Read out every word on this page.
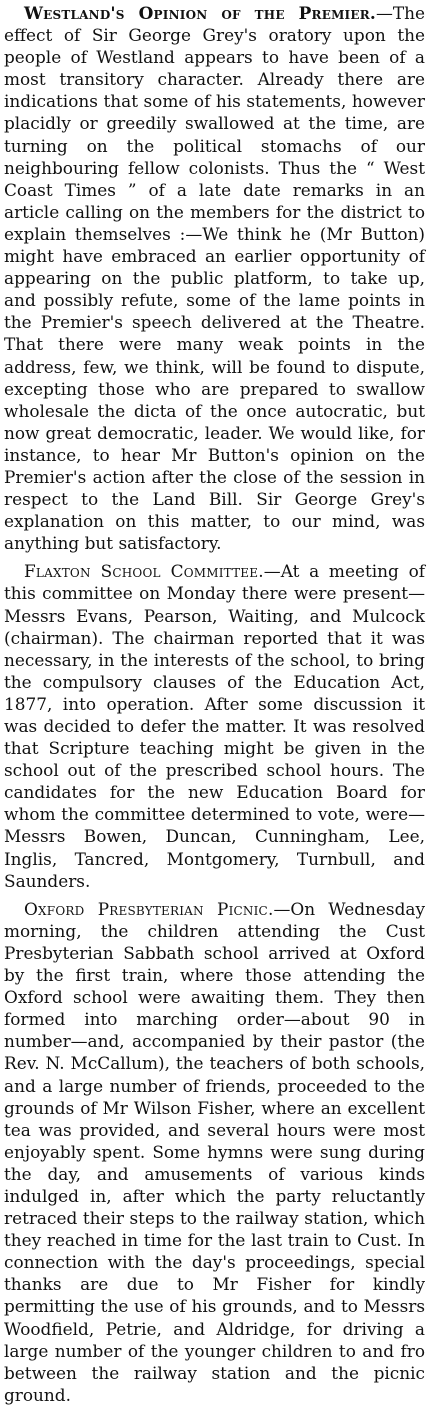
Westland's Opinion of the Premier.—The effect of Sir George Grey's oratory upon the people of Westland appears to have been of a most transitory character. Already there are indications that some of his statements, however placidly or greedily swallowed at the time, are turning on the political stomachs of our neighbouring fellow colonists. Thus the “ West Coast Times ” of a late date remarks in an article calling on the members for the district to explain themselves :—We think he (Mr Button) might have embraced an earlier opportunity of appearing on the public platform, to take up, and possibly refute, some of the lame points in the Premier's speech delivered at the Theatre. That there were many weak points in the address, few, we think, will be found to dispute, excepting those who are prepared to swallow wholesale the dicta of the once autocratic, but now great democratic, leader. We would like, for instance, to hear Mr Button's opinion on the Premier's action after the close of the session in respect to the Land Bill. Sir George Grey's explanation on this matter, to our mind, was anything but satisfactory.

Flaxton School Committee.—At a meeting of this committee on Monday there were present—Messrs Evans, Pearson, Waiting, and Mulcock (chairman). The chairman reported that it was necessary, in the interests of the school, to bring the compulsory clauses of the Education Act, 1877, into operation. After some discussion it was decided to defer the matter. It was resolved that Scripture teaching might be given in the school out of the prescribed school hours. The candidates for the new Education Board for whom the committee determined to vote, were—Messrs Bowen, Duncan, Cunningham, Lee, Inglis, Tancred, Montgomery, Turnbull, and Saunders.

Oxford Presbyterian Picnic.—On Wednesday morning, the children attending the Cust Presbyterian Sabbath school arrived at Oxford by the first train, where those attending the Oxford school were awaiting them. They then formed into marching order—about 90 in number—and, accompanied by their pastor (the Rev. N. McCallum), the teachers of both schools, and a large number of friends, proceeded to the grounds of Mr Wilson Fisher, where an excellent tea was provided, and several hours were most enjoyably spent. Some hymns were sung during the day, and amusements of various kinds indulged in, after which the party reluctantly retraced their steps to the railway station, which they reached in time for the last train to Cust. In connection with the day's proceedings, special thanks are due to Mr Fisher for kindly permitting the use of his grounds, and to Messrs Woodfield, Petrie, and Aldridge, for driving a large number of the younger children to and fro between the railway station and the picnic ground.
